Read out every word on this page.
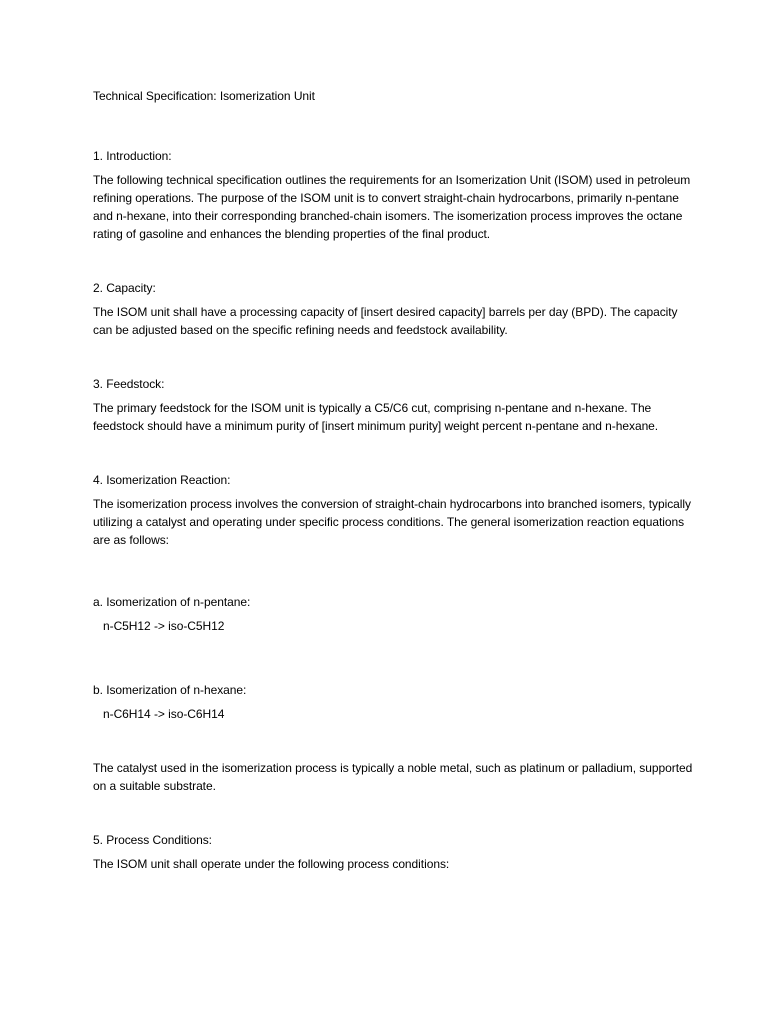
Technical Specification: Isomerization Unit

1. Introduction:

The following technical specification outlines the requirements for an Isomerization Unit (ISOM) used in petroleum refining operations. The purpose of the ISOM unit is to convert straight-chain hydrocarbons, primarily n-pentane and n-hexane, into their corresponding branched-chain isomers. The isomerization process improves the octane rating of gasoline and enhances the blending properties of the final product.

2. Capacity:

The ISOM unit shall have a processing capacity of [insert desired capacity] barrels per day (BPD). The capacity can be adjusted based on the specific refining needs and feedstock availability.

3. Feedstock:

The primary feedstock for the ISOM unit is typically a C5/C6 cut, comprising n-pentane and n-hexane. The feedstock should have a minimum purity of [insert minimum purity] weight percent n-pentane and n-hexane.

4. Isomerization Reaction:

The isomerization process involves the conversion of straight-chain hydrocarbons into branched isomers, typically utilizing a catalyst and operating under specific process conditions. The general isomerization reaction equations are as follows:

a. Isomerization of n-pentane:

n-C5H12 -> iso-C5H12

b. Isomerization of n-hexane:

n-C6H14 -> iso-C6H14

The catalyst used in the isomerization process is typically a noble metal, such as platinum or palladium, supported on a suitable substrate.

5. Process Conditions:

The ISOM unit shall operate under the following process conditions:
